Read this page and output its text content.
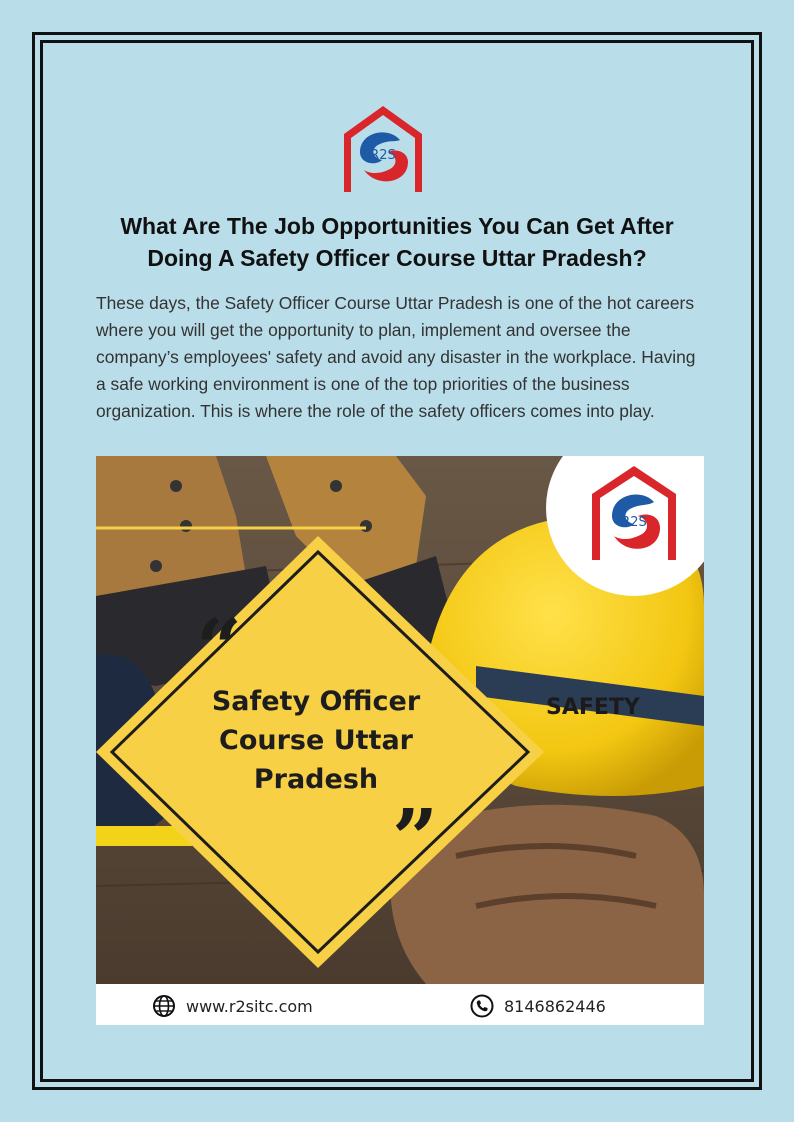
R2S
What Are The Job Opportunities You Can Get After
Doing A Safety Officer Course Uttar Pradesh?

These days, the Safety Officer Course Uttar Pradesh is one of the hot careers where you will get the opportunity to plan, implement and oversee the company’s employees' safety and avoid any disaster in the workplace. Having a safe working environment is one of the top priorities of the business organization. This is where the role of the safety officers comes into play.

SAFETY
R2S
“
”
Safety Officer
Course Uttar
Pradesh
www.r2sitc.com	8146862446
